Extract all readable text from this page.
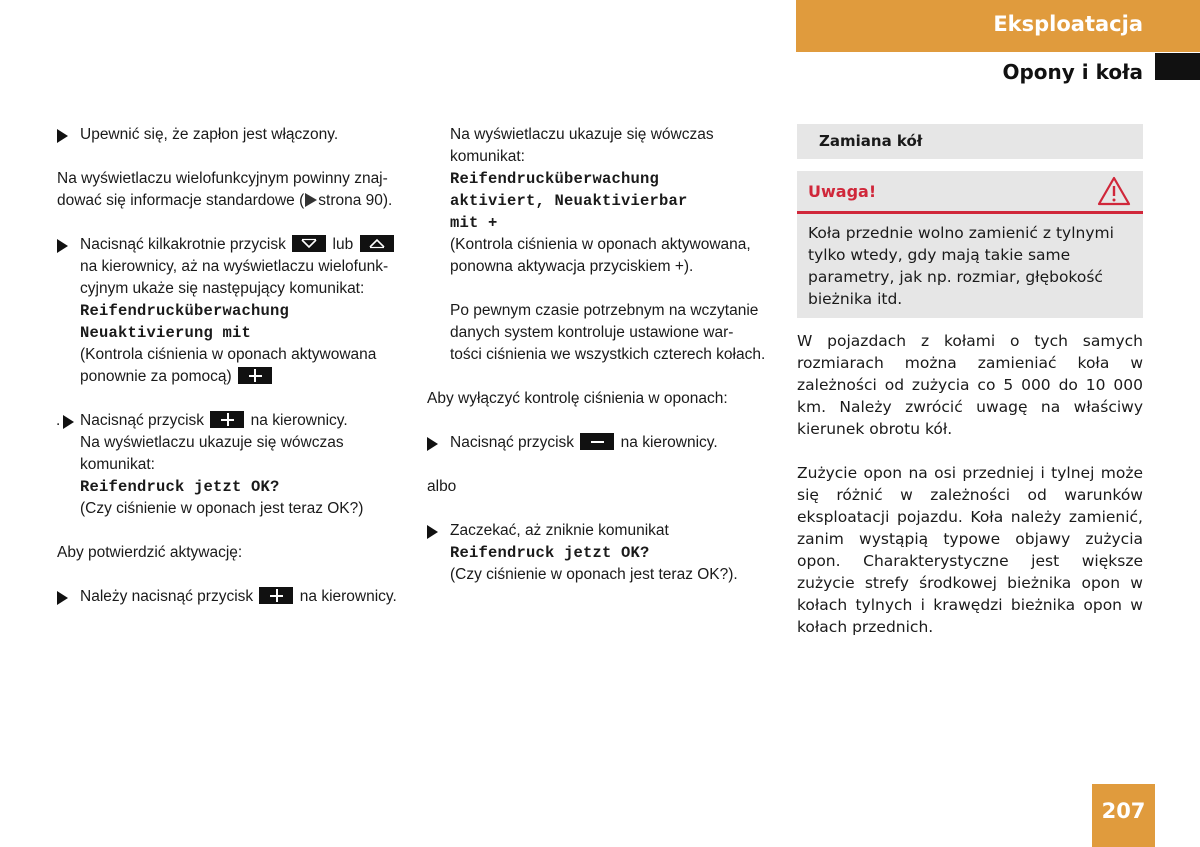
Eksploatacja
Opony i koła

Upewnić się, że zapłon jest włączony.

Na wyświetlaczu wielofunkcyjnym powinny znaj-

dować się informacje standardowe ( strona 90).

Nacisnąć kilkakrotnie przycisk	lub

na kierownicy, aż na wyświetlaczu wielofunk-

cyjnym ukaże się następujący komunikat:

Reifendrucküberwachung

Neuaktivierung mit

(Kontrola ciśnienia w oponach aktywowana

ponownie za pomocą)

. Nacisnąć przycisk	na kierownicy.

Na wyświetlaczu ukazuje się wówczas

komunikat:

Reifendruck jetzt OK?

(Czy ciśnienie w oponach jest teraz OK?)

Aby potwierdzić aktywację:

Należy nacisnąć przycisk	na kierownicy.

Na wyświetlaczu ukazuje się wówczas

komunikat:

Reifendrucküberwachung

aktiviert, Neuaktivierbar

mit +

(Kontrola ciśnienia w oponach aktywowana,

ponowna aktywacja przyciskiem +).

Po pewnym czasie potrzebnym na wczytanie

danych system kontroluje ustawione war-

tości ciśnienia we wszystkich czterech kołach.

Aby wyłączyć kontrolę ciśnienia w oponach:

Nacisnąć przycisk	na kierownicy.

albo

Zaczekać, aż zniknie komunikat

Reifendruck jetzt OK?

(Czy ciśnienie w oponach jest teraz OK?).

Zamiana kół
Uwaga!
Koła przednie wolno zamienić z tylnymi tylko wtedy, gdy mają takie same parametry, jak np. rozmiar, głębokość bieżnika itd.

W pojazdach z kołami o tych samych rozmiarach można zamieniać koła w zależności od zużycia co 5 000 do 10 000 km. Należy zwrócić uwagę na właściwy kierunek obrotu kół.

Zużycie opon na osi przedniej i tylnej może się różnić w zależności od warunków eksploatacji pojazdu. Koła należy zamienić, zanim wystąpią typowe objawy zużycia opon. Charakterystyczne jest większe zużycie strefy środkowej bieżnika opon w kołach tylnych i krawędzi bieżnika opon w kołach przednich.

207
